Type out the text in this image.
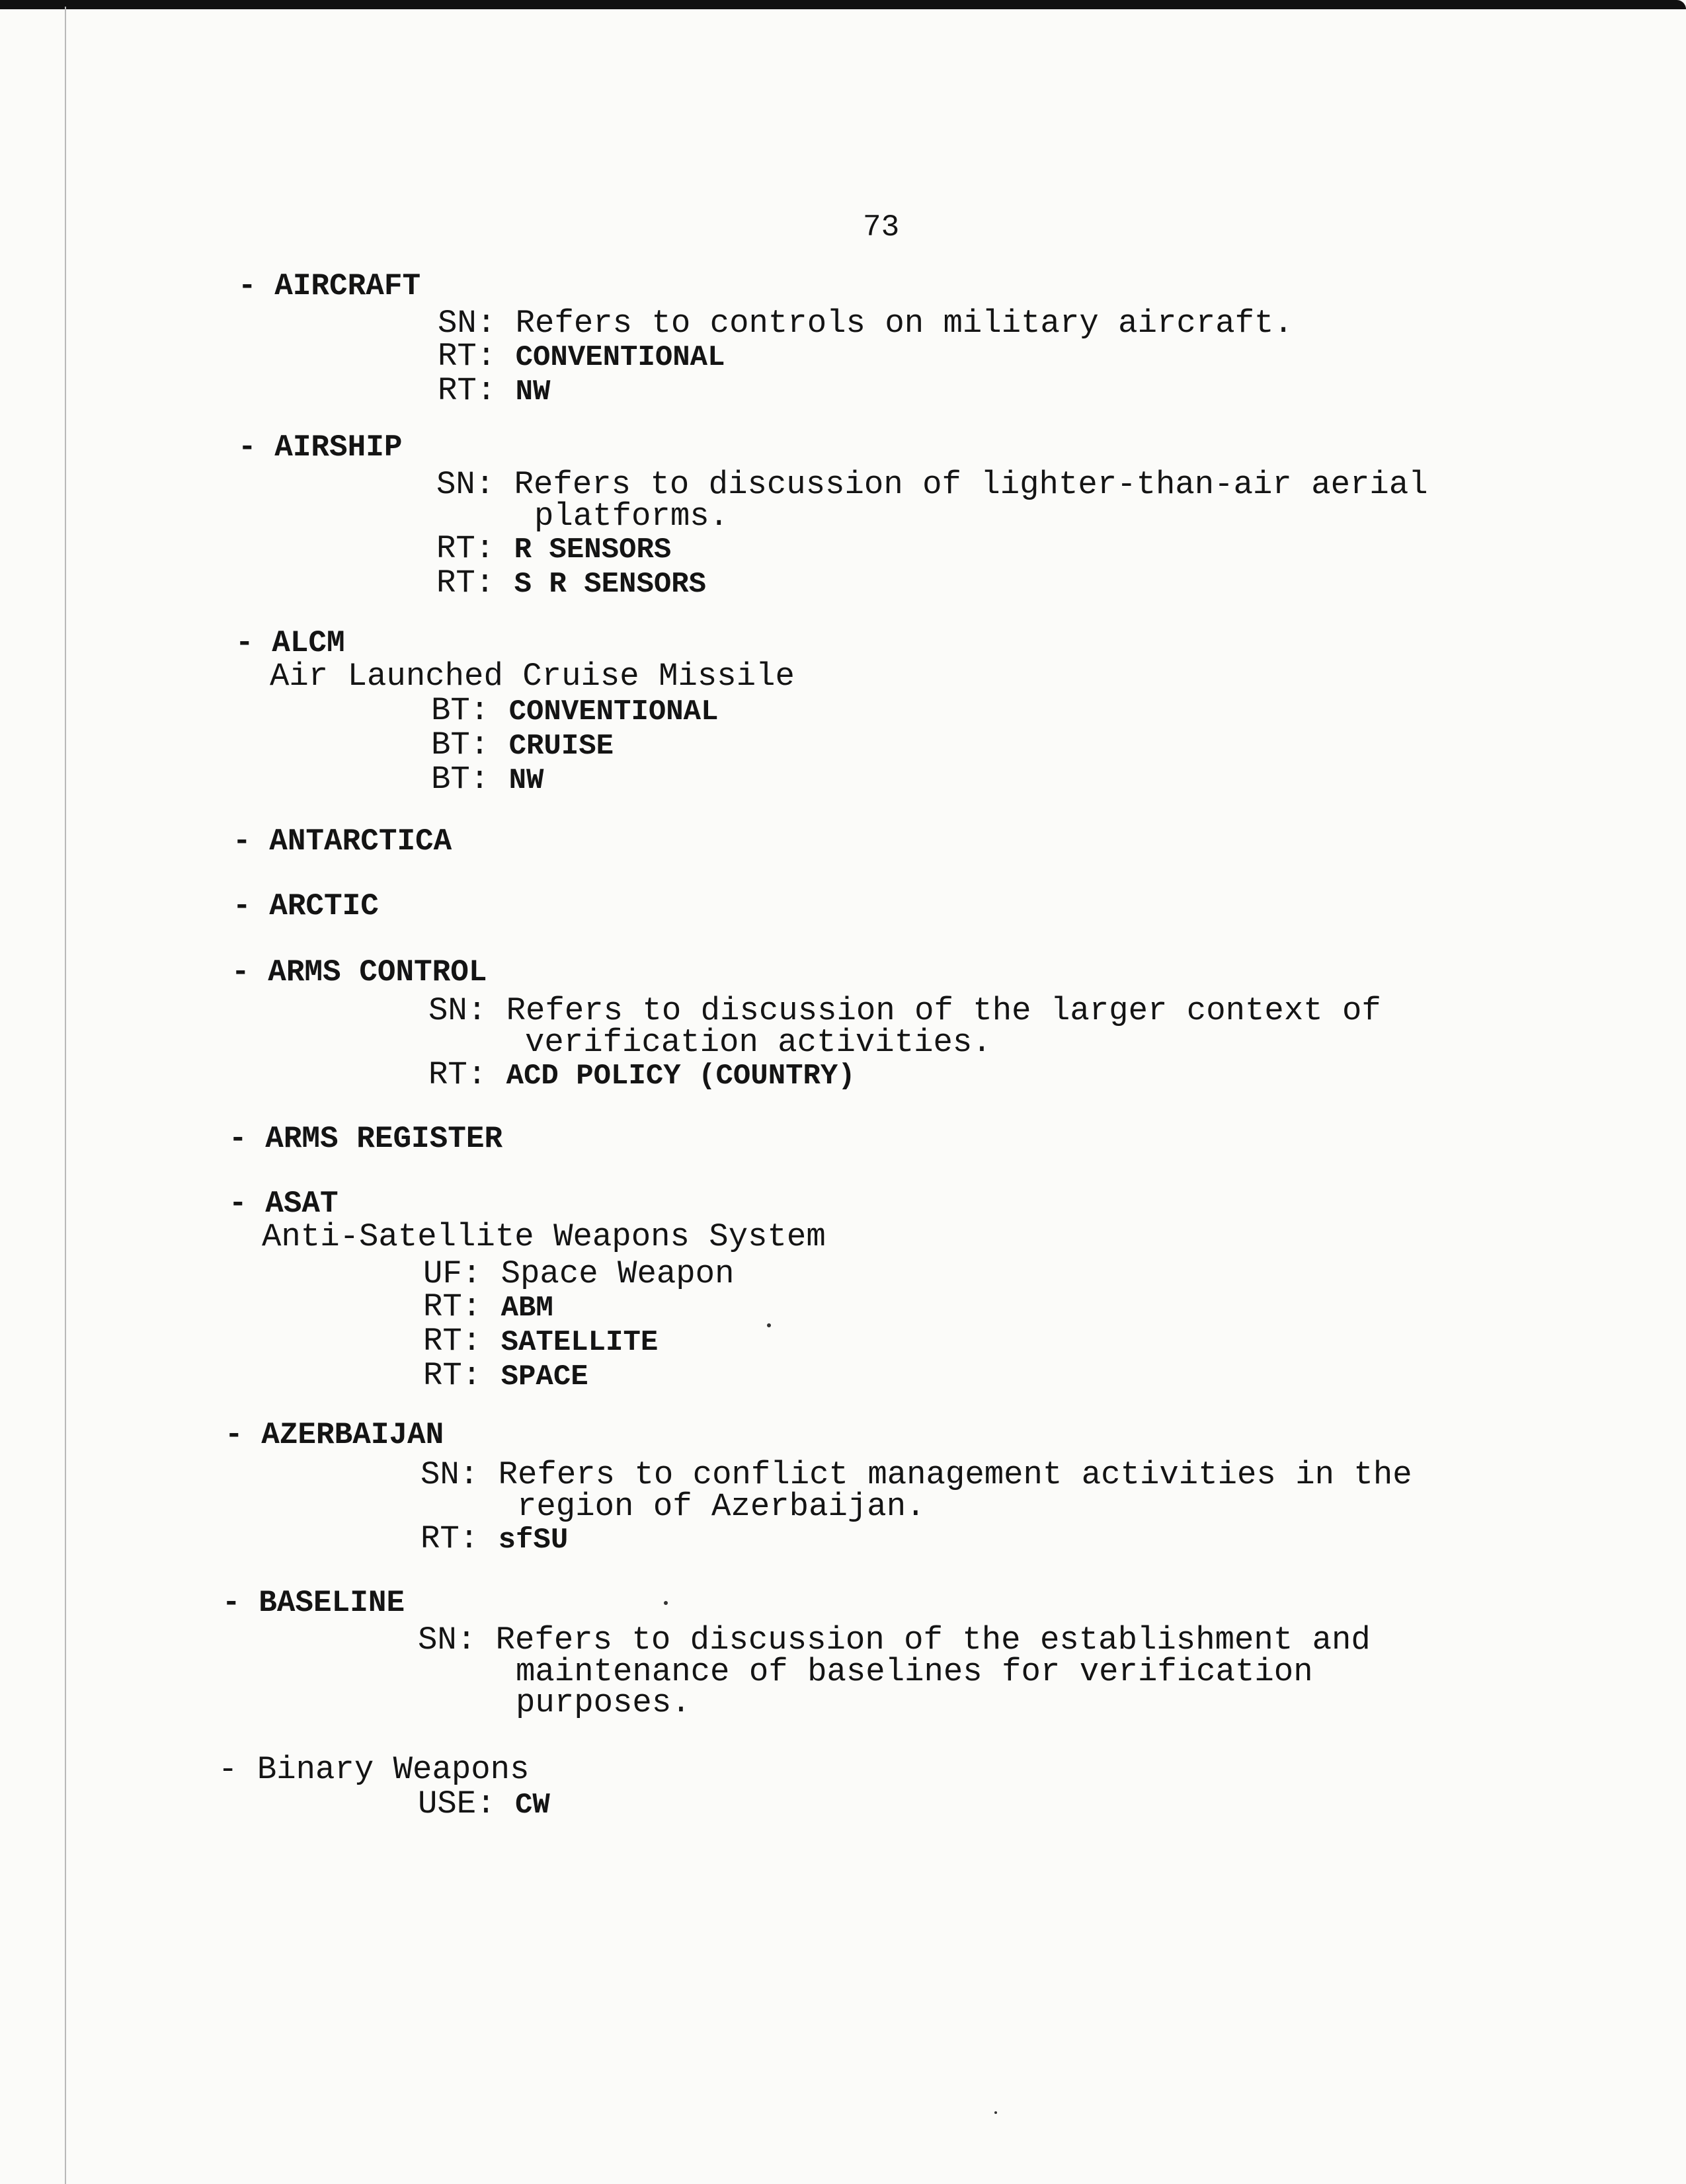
73
- AIRCRAFT
SN: Refers to controls on military aircraft.
RT: CONVENTIONAL
RT: NW
- AIRSHIP
SN: Refers to discussion of lighter-than-air aerial
platforms.
RT: R SENSORS
RT: S R SENSORS
- ALCM
Air Launched Cruise Missile
BT: CONVENTIONAL
BT: CRUISE
BT: NW
- ANTARCTICA
- ARCTIC
- ARMS CONTROL
SN: Refers to discussion of the larger context of
verification activities.
RT: ACD POLICY (COUNTRY)
- ARMS REGISTER
- ASAT
Anti-Satellite Weapons System
UF: Space Weapon
RT: ABM
RT: SATELLITE
RT: SPACE
- AZERBAIJAN
SN: Refers to conflict management activities in the
region of Azerbaijan.
RT: sfSU
- BASELINE
SN: Refers to discussion of the establishment and
maintenance of baselines for verification
purposes.
- Binary Weapons
USE: CW
